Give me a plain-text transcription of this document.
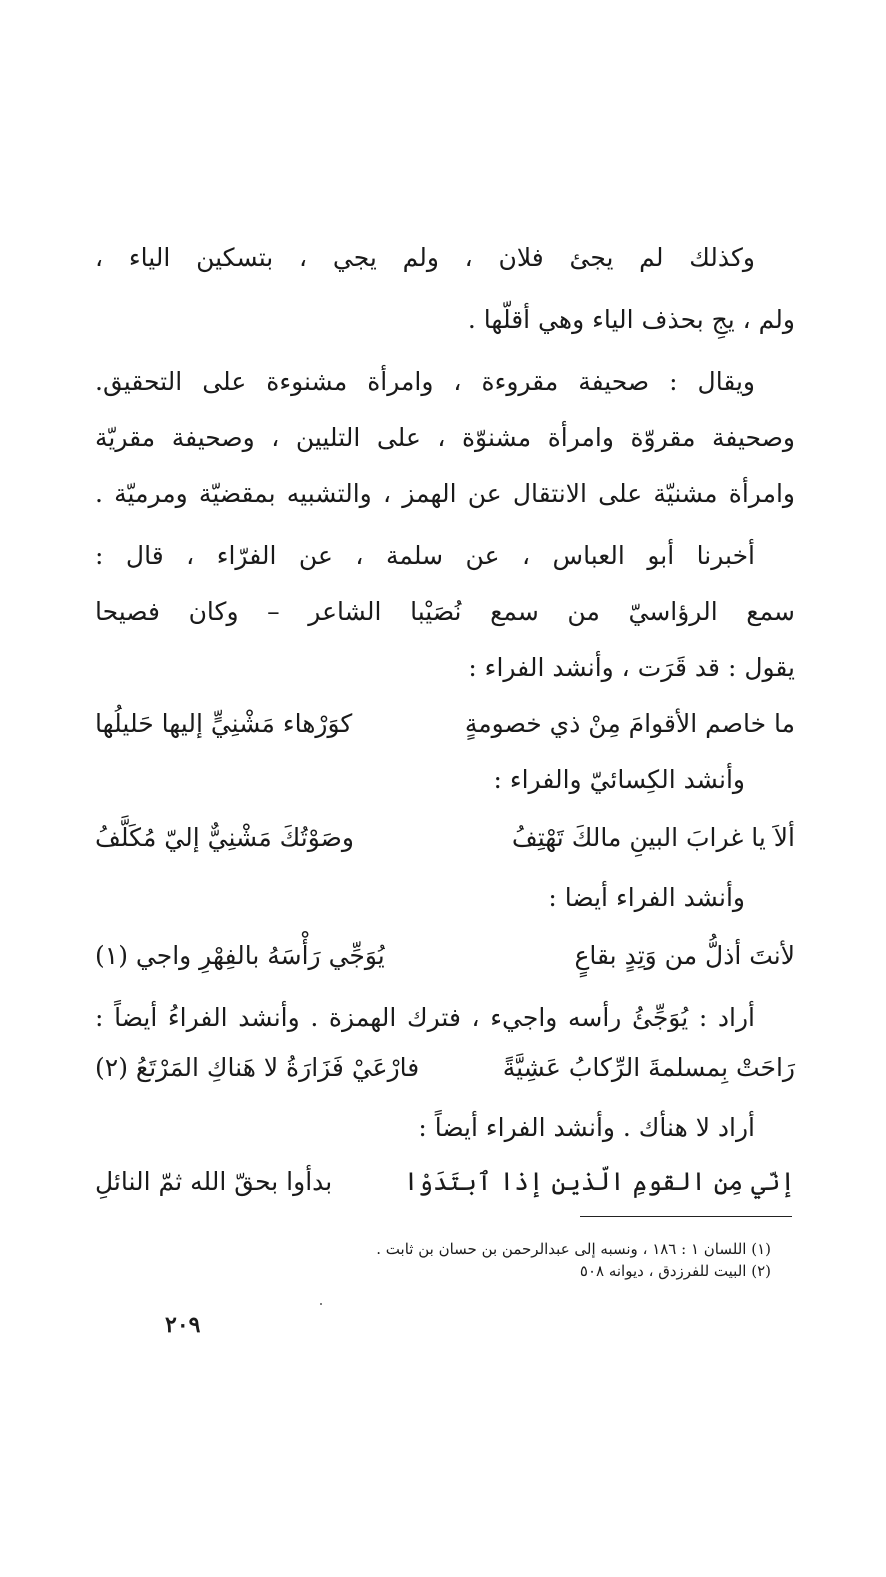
وكذلك لم يجئ فلان ، ولم يجي ، بتسكين الياء ،
ولم ، يجِ بحذف الياء وهي أقلّها .
ويقال : صحيفة مقروءة ، وامرأة مشنوءة على التحقيق.
وصحيفة مقروّة وامرأة مشنوّة ، على التليين ، وصحيفة مقريّة
وامرأة مشنيّة على الانتقال عن الهمز ، والتشبيه بمقضيّة ومرميّة .
أخبرنا أبو العباس ، عن سلمة ، عن الفرّاء ، قال :
سمع الرؤاسيّ من سمع نُصَيْبا الشاعر – وكان فصيحا
يقول : قد قَرَت ، وأنشد الفراء :
ما خاصم الأقوامَ مِنْ ذي خصومةٍ
كوَرْهاء مَشْنِيٍّ إليها حَليلُها
وأنشد الكِسائيّ والفراء :
ألاَ يا غرابَ البينِ مالكَ تَهْتِفُ
وصَوْتُكَ مَشْنِيٌّ إليّ مُكَلَّفُ
وأنشد الفراء أيضا :
لأنتَ أذلُّ من وَتِدٍ بقاعٍ
يُوَجِّي رَأْسَهُ بالفِهْرِ واجي (١)
أراد : يُوَجِّئُ رأسه واجيء ، فترك الهمزة . وأنشد الفراءُ أيضاً :
رَاحَتْ بِمسلمةَ الرِّكابُ عَشِيَّةً
فارْعَيْ فَزَارَةُ لا هَناكِ المَرْتَعُ (٢)
أراد لا هنأك . وأنشد الفراء أيضاً :
إنّي مِن القومِ الّذين إذا ٱبتَدَوْا
بدأوا بحقّ الله ثمّ النائلِ
(١) اللسان ١ : ١٨٦ ، ونسبه إلى عبدالرحمن بن حسان بن ثابت .
(٢) البيت للفرزدق ، ديوانه ٥٠٨
٢٠٩
